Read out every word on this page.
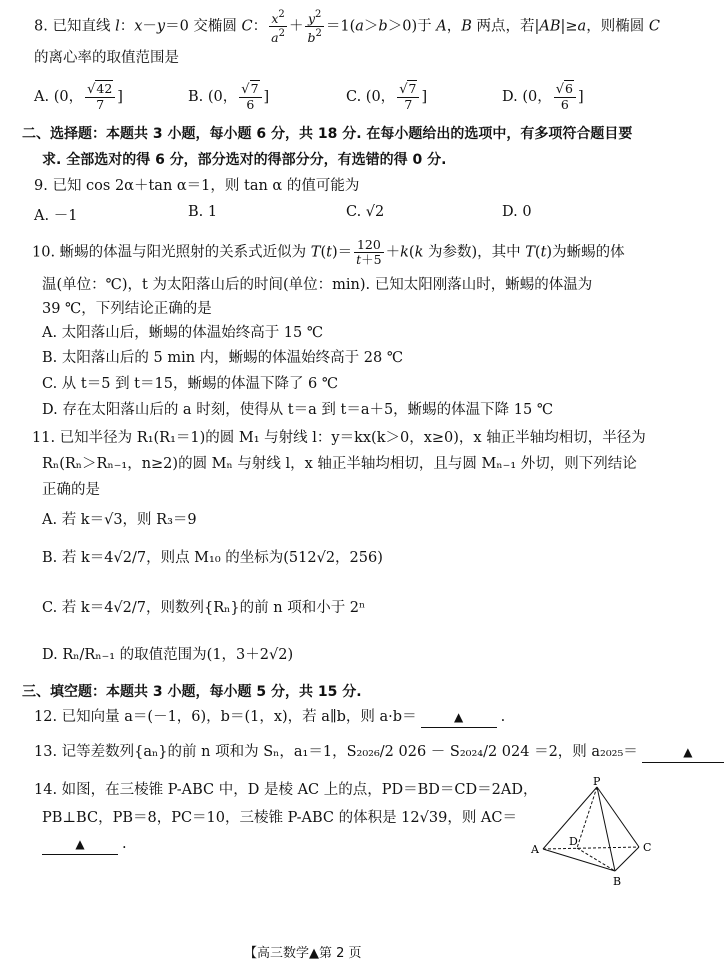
8. 已知直线 l：x－y＝0 交椭圆 C： $\frac{x^2}{a^2} + \frac{y^2}{b^2} =1(a>b>0)$于 A，B 两点，若|AB|≥a，则椭圆 C
的离心率的取值范围是
A. (0， $\frac{√42}{7}$ ]	B. (0， $\frac{√7}{6}$ ]	C. (0， $\frac{√7}{7}$ ]	D. (0， $\frac{√6}{6}$ ]
二、选择题：本题共 3 小题，每小题 6 分，共 18 分. 在每小题给出的选项中，有多项符合题目要
求. 全部选对的得 6 分，部分选对的得部分分，有选错的得 0 分.
9. 已知 cos 2α＋tan α＝1，则 tan α 的值可能为
A. －1	B. 1	C. √2	D. 0
10. 蜥蜴的体温与阳光照射的关系式近似为 $T(t)= \frac{120}{t+5} +k(k$ 为参数)，其中 T(t)为蜥蜴的体
温(单位：℃)，t 为太阳落山后的时间(单位：min). 已知太阳刚落山时，蜥蜴的体温为
39 ℃，下列结论正确的是
A. 太阳落山后，蜥蜴的体温始终高于 15 ℃
B. 太阳落山后的 5 min 内，蜥蜴的体温始终高于 28 ℃
C. 从 t＝5 到 t＝15，蜥蜴的体温下降了 6 ℃
D. 存在太阳落山后的 a 时刻，使得从 t＝a 到 t＝a＋5，蜥蜴的体温下降 15 ℃
11. 已知半径为 R₁(R₁＝1)的圆 M₁ 与射线 l：y＝kx(k＞0，x≥0)，x 轴正半轴均相切，半径为
Rₙ(Rₙ＞Rₙ₋₁，n≥2)的圆 Mₙ 与射线 l，x 轴正半轴均相切，且与圆 Mₙ₋₁ 外切，则下列结论
正确的是
A. 若 k＝√3，则 R₃＝9
B. 若 k＝4√2/7，则点 M₁₀ 的坐标为(512√2，256)
C. 若 k＝4√2/7，则数列{Rₙ}的前 n 项和小于 2ⁿ
D. Rₙ/Rₙ₋₁ 的取值范围为(1，3＋2√2)
三、填空题：本题共 3 小题，每小题 5 分，共 15 分.
12. 已知向量 a＝(－1，6)，b＝(1，x)，若 a∥b，则 a·b＝	▲	.
13. 记等差数列{aₙ}的前 n 项和为 Sₙ，a₁＝1，S₂₀₂₆/2 026 － S₂₀₂₄/2 024 ＝2，则 a₂₀₂₅＝	▲
14. 如图，在三棱锥 P-ABC 中，D 是棱 AC 上的点，PD＝BD＝CD＝2AD，
PB⊥BC，PB＝8，PC＝10，三棱锥 P-ABC 的体积是 12√39，则 AC＝
▲	.
P
A
D	C
B
【高三数学▲第 2 页
